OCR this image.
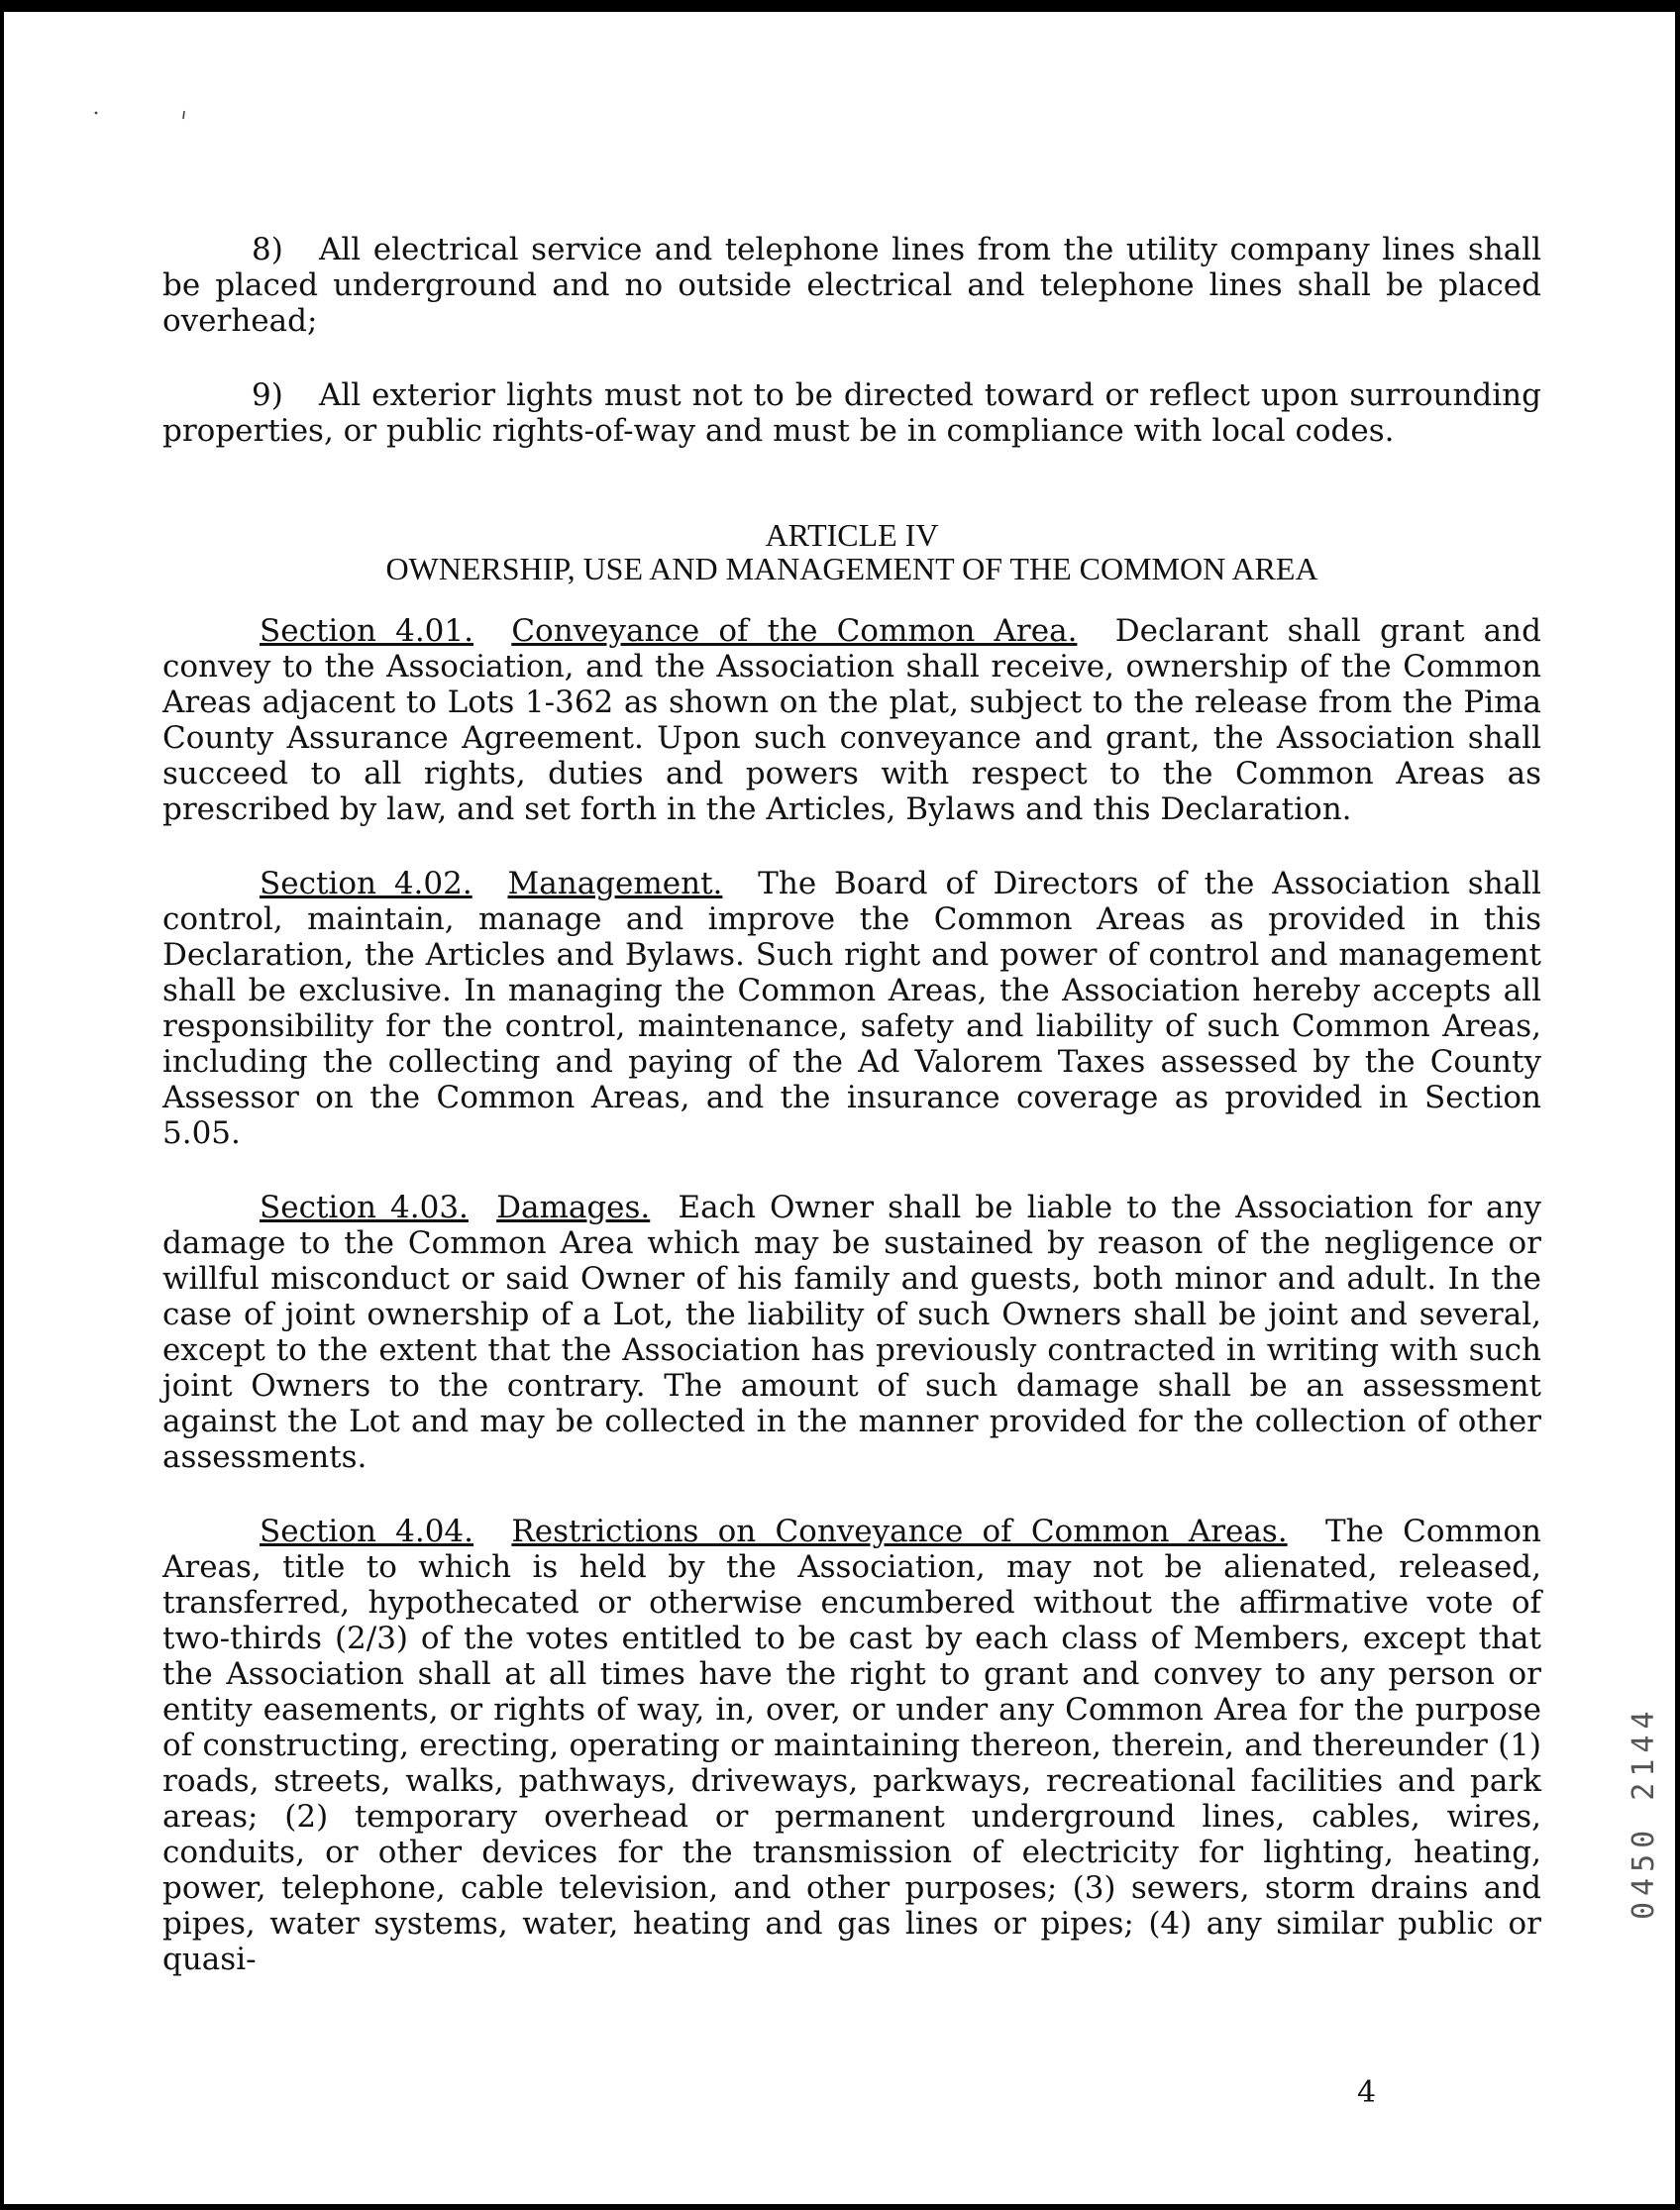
8) All electrical service and telephone lines from the utility company lines shall be placed underground and no outside electrical and telephone lines shall be placed overhead;

9) All exterior lights must not to be directed toward or reflect upon surrounding properties, or public rights-of-way and must be in compliance with local codes.

ARTICLE IV
OWNERSHIP, USE AND MANAGEMENT OF THE COMMON AREA

Section 4.01. Conveyance of the Common Area. Declarant shall grant and convey to the Association, and the Association shall receive, ownership of the Common Areas adjacent to Lots 1-362 as shown on the plat, subject to the release from the Pima County Assurance Agreement. Upon such conveyance and grant, the Association shall succeed to all rights, duties and powers with respect to the Common Areas as prescribed by law, and set forth in the Articles, Bylaws and this Declaration.

Section 4.02. Management. The Board of Directors of the Association shall control, maintain, manage and improve the Common Areas as provided in this Declaration, the Articles and Bylaws. Such right and power of control and management shall be exclusive. In managing the Common Areas, the Association hereby accepts all responsibility for the control, maintenance, safety and liability of such Common Areas, including the collecting and paying of the Ad Valorem Taxes assessed by the County Assessor on the Common Areas, and the insurance coverage as provided in Section 5.05.

Section 4.03. Damages. Each Owner shall be liable to the Association for any damage to the Common Area which may be sustained by reason of the negligence or willful misconduct or said Owner of his family and guests, both minor and adult. In the case of joint ownership of a Lot, the liability of such Owners shall be joint and several, except to the extent that the Association has previously contracted in writing with such joint Owners to the contrary. The amount of such damage shall be an assessment against the Lot and may be collected in the manner provided for the collection of other assessments.

Section 4.04. Restrictions on Conveyance of Common Areas. The Common Areas, title to which is held by the Association, may not be alienated, released, transferred, hypothecated or otherwise encumbered without the affirmative vote of two-thirds (2/3) of the votes entitled to be cast by each class of Members, except that the Association shall at all times have the right to grant and convey to any person or entity easements, or rights of way, in, over, or under any Common Area for the purpose of constructing, erecting, operating or maintaining thereon, therein, and thereunder (1) roads, streets, walks, pathways, driveways, parkways, recreational facilities and park areas; (2) temporary overhead or permanent underground lines, cables, wires, conduits, or other devices for the transmission of electricity for lighting, heating, power, telephone, cable television, and other purposes; (3) sewers, storm drains and pipes, water systems, water, heating and gas lines or pipes; (4) any similar public or quasi-

0450 2144
4
